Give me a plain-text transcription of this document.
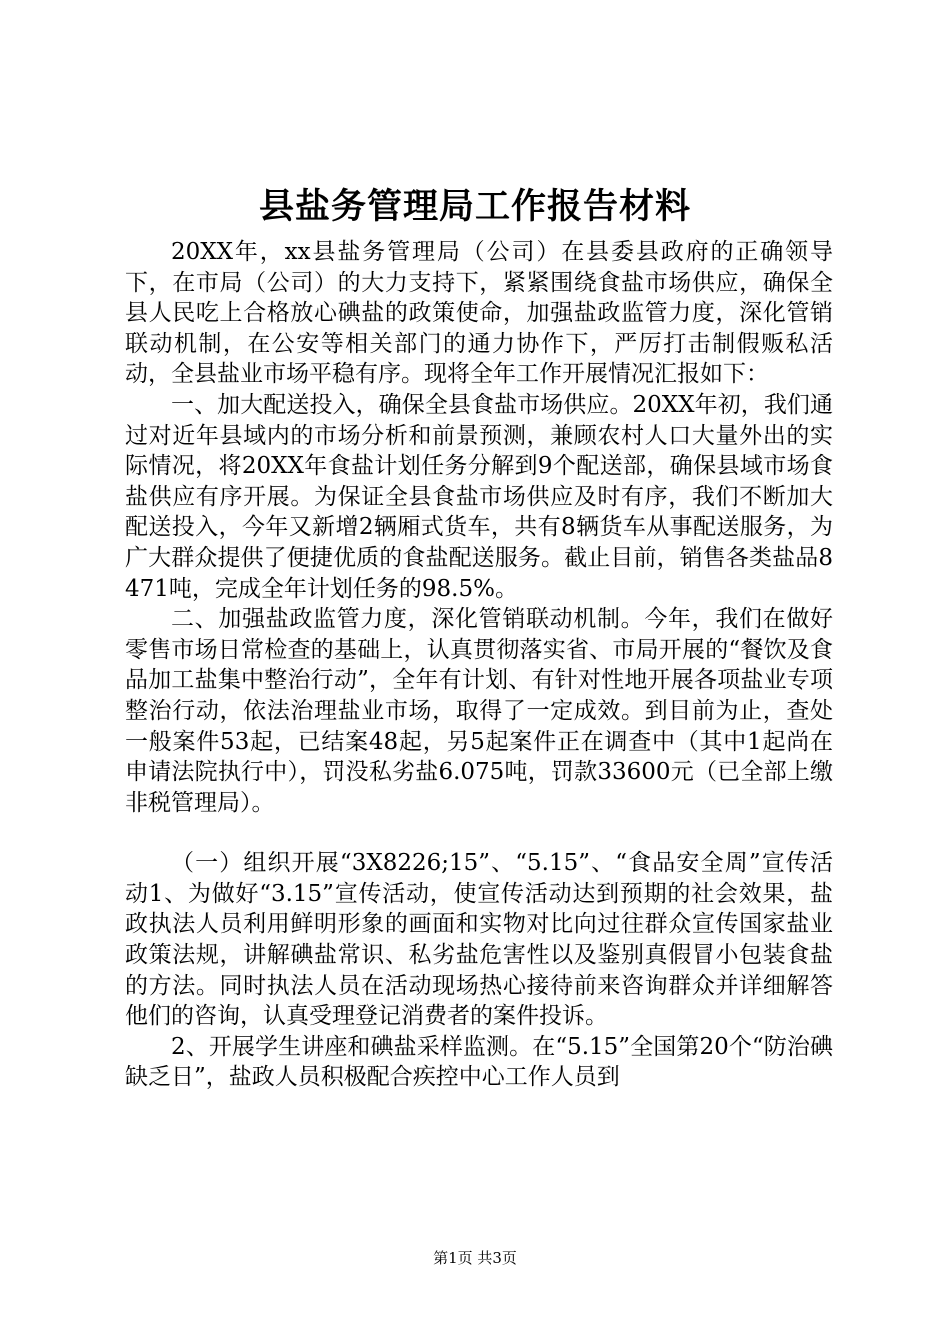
县盐务管理局工作报告材料

20XX年，xx县盐务管理局（公司）在县委县政府的正确领导下，在市局（公司）的大力支持下，紧紧围绕食盐市场供应，确保全县人民吃上合格放心碘盐的政策使命，加强盐政监管力度，深化管销联动机制，在公安等相关部门的通力协作下，严厉打击制假贩私活动，全县盐业市场平稳有序。现将全年工作开展情况汇报如下：

一、加大配送投入，确保全县食盐市场供应。20XX年初，我们通过对近年县域内的市场分析和前景预测，兼顾农村人口大量外出的实际情况，将20XX年食盐计划任务分解到9个配送部，确保县域市场食盐供应有序开展。为保证全县食盐市场供应及时有序，我们不断加大配送投入，今年又新增2辆厢式货车，共有8辆货车从事配送服务，为广大群众提供了便捷优质的食盐配送服务。截止目前，销售各类盐品8471吨，完成全年计划任务的98.5%。

二、加强盐政监管力度，深化管销联动机制。今年，我们在做好零售市场日常检查的基础上，认真贯彻落实省、市局开展的“餐饮及食品加工盐集中整治行动”，全年有计划、有针对性地开展各项盐业专项整治行动，依法治理盐业市场，取得了一定成效。到目前为止，查处一般案件53起，已结案48起，另5起案件正在调查中（其中1起尚在申请法院执行中），罚没私劣盐6.075吨，罚款33600元（已全部上缴非税管理局）。

（一）组织开展“3X8226;15”、“5.15”、“食品安全周”宣传活动1、为做好“3.15”宣传活动，使宣传活动达到预期的社会效果，盐政执法人员利用鲜明形象的画面和实物对比向过往群众宣传国家盐业政策法规，讲解碘盐常识、私劣盐危害性以及鉴别真假冒小包装食盐的方法。同时执法人员在活动现场热心接待前来咨询群众并详细解答他们的咨询，认真受理登记消费者的案件投诉。

2、开展学生讲座和碘盐采样监测。在“5.15”全国第20个“防治碘缺乏日”，盐政人员积极配合疾控中心工作人员到

第1页 共3页
